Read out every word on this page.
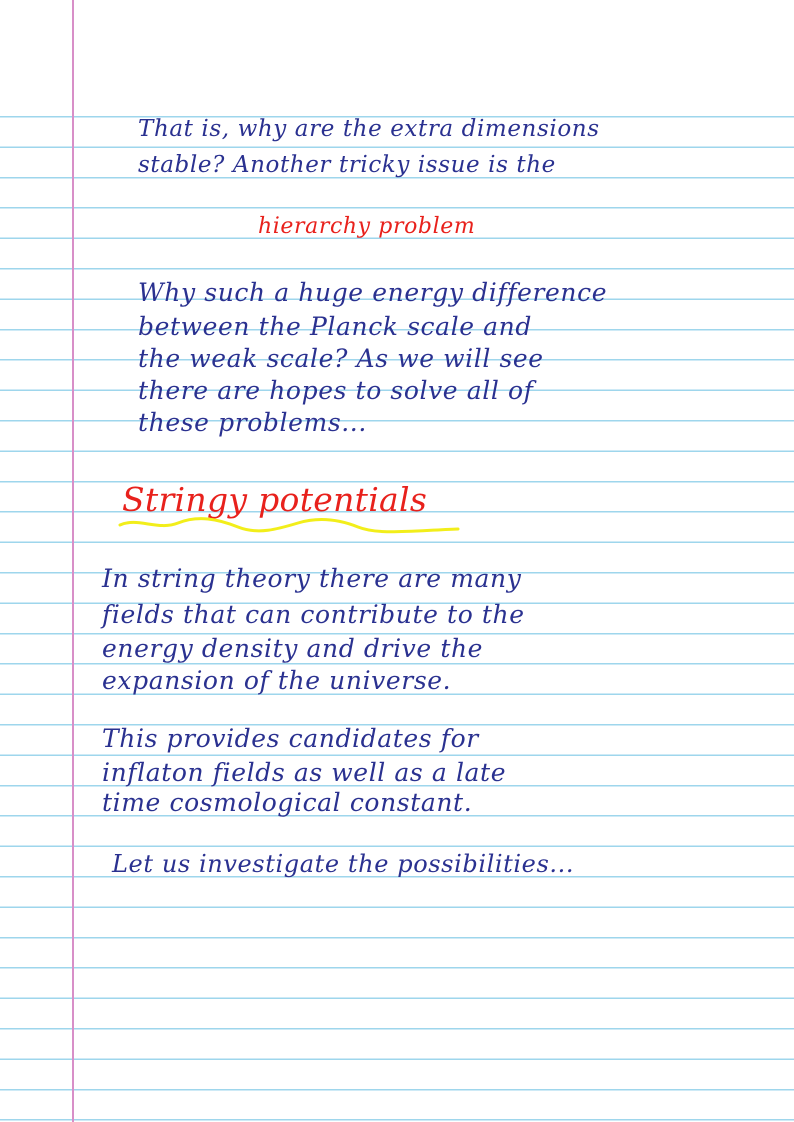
That is, why are the extra dimensions

stable? Another tricky issue is the

hierarchy problem

Why such a huge energy difference

between the Planck scale and

the weak scale? As we will see

there are hopes to solve all of

these problems...

Stringy potentials

In string theory there are many

fields that can contribute to the

energy density and drive the

expansion of the universe.

This provides candidates for

inflaton fields as well as a late

time cosmological constant.

Let us investigate the possibilities...
